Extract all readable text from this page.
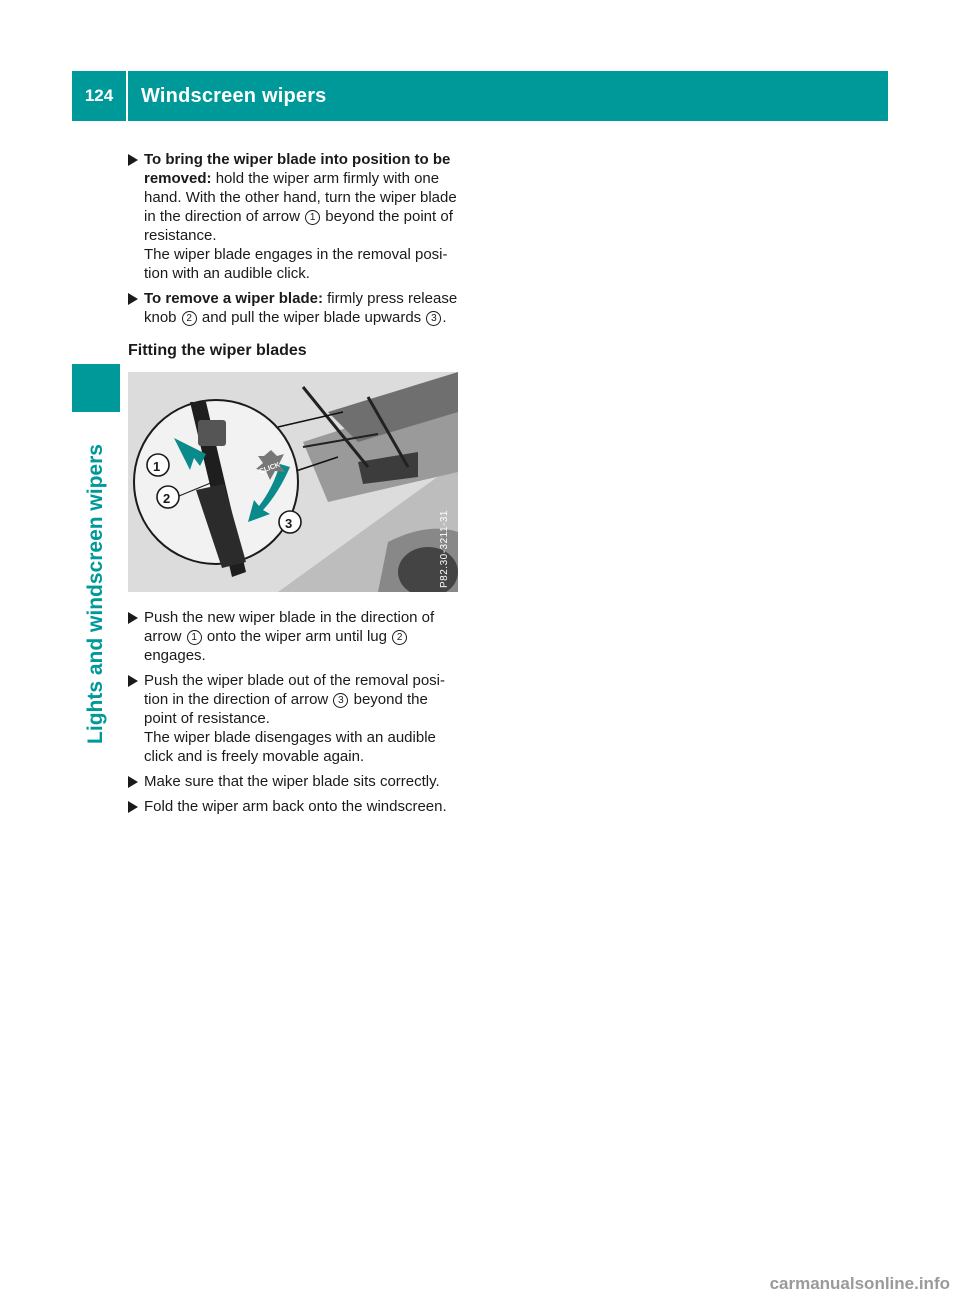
124	Windscreen wipers
Lights and windscreen wipers
To bring the wiper blade into position to be removed: hold the wiper arm firmly with one hand. With the other hand, turn the wiper blade in the direction of arrow 1 beyond the point of resistance.
The wiper blade engages in the removal posi- tion with an audible click.
To remove a wiper blade: firmly press release knob 2 and pull the wiper blade upwards 3 .
Fitting the wiper blades
1
2
3
CLICK
P82.30-3211-31
Push the new wiper blade in the direction of arrow 1 onto the wiper arm until lug 2
engages.
Push the wiper blade out of the removal posi- tion in the direction of arrow 3 beyond the point of resistance.
The wiper blade disengages with an audible click and is freely movable again.
Make sure that the wiper blade sits correctly.
Fold the wiper arm back onto the windscreen.
carmanualsonline.info
